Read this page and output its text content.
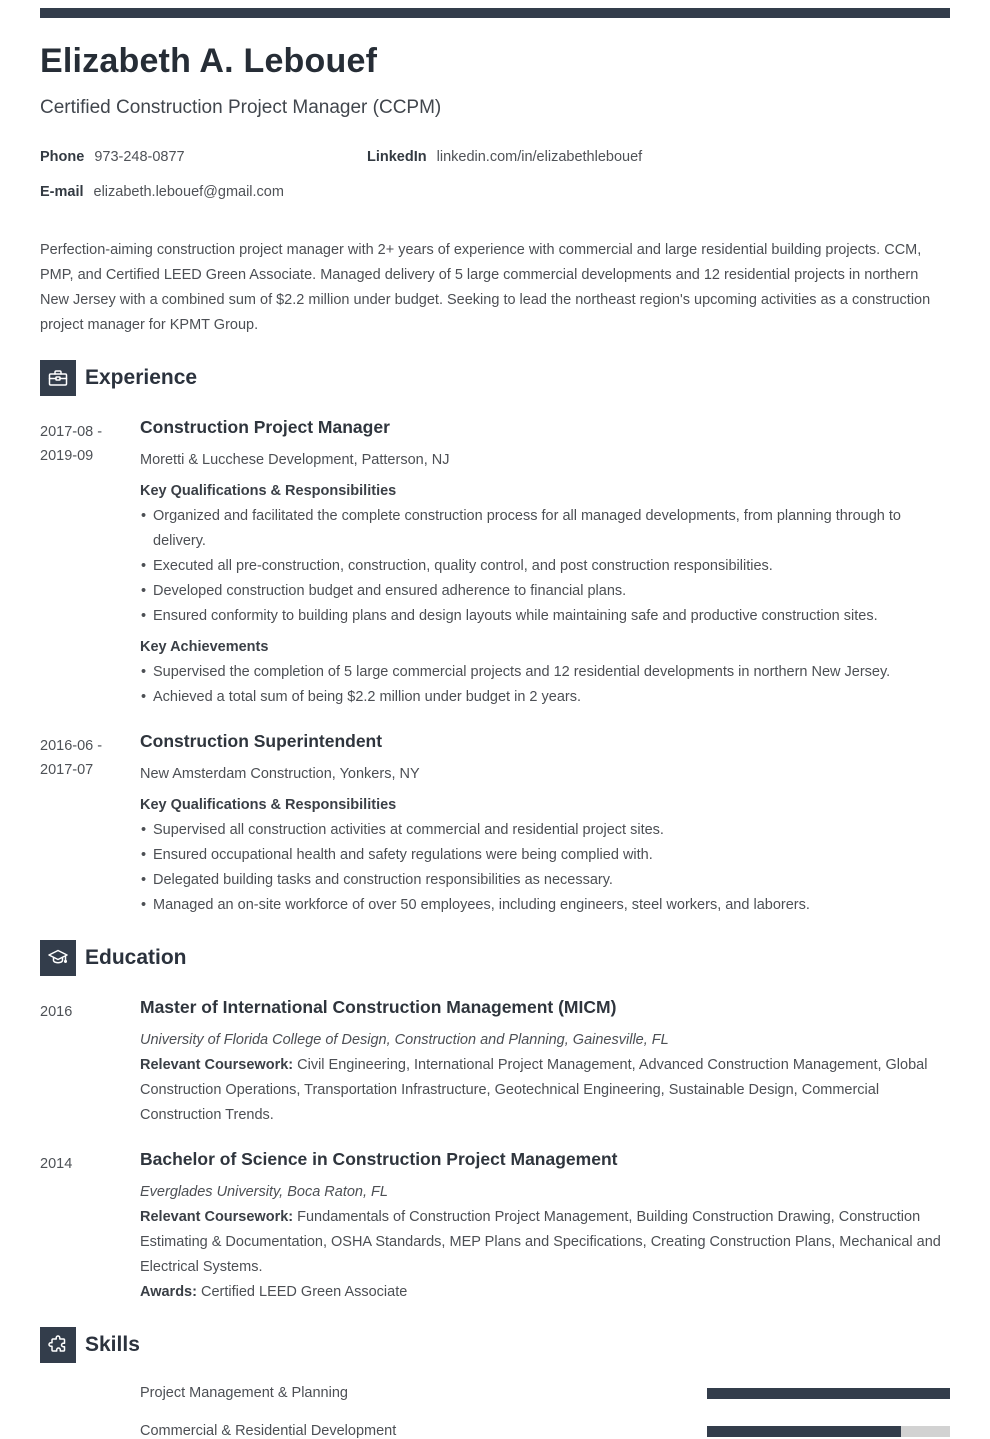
Elizabeth A. Lebouef
Certified Construction Project Manager (CCPM)
Phone 973-248-0877	LinkedIn linkedin.com/in/elizabethlebouef
E-mail elizabeth.lebouef@gmail.com

Perfection-aiming construction project manager with 2+ years of experience with commercial and large residential building projects. CCM, PMP, and Certified LEED Green Associate. Managed delivery of 5 large commercial developments and 12 residential projects in northern New Jersey with a combined sum of $2.2 million under budget. Seeking to lead the northeast region's upcoming activities as a construction project manager for KPMT Group.

Experience
2017-08 -
2019-09
Construction Project Manager
Moretti & Lucchese Development, Patterson, NJ
Key Qualifications & Responsibilities
• Organized and facilitated the complete construction process for all managed developments, from planning through to delivery.
• Executed all pre-construction, construction, quality control, and post construction responsibilities.
• Developed construction budget and ensured adherence to financial plans.
• Ensured conformity to building plans and design layouts while maintaining safe and productive construction sites.
Key Achievements
• Supervised the completion of 5 large commercial projects and 12 residential developments in northern New Jersey.
• Achieved a total sum of being $2.2 million under budget in 2 years.
2016-06 -
2017-07
Construction Superintendent
New Amsterdam Construction, Yonkers, NY
Key Qualifications & Responsibilities
• Supervised all construction activities at commercial and residential project sites.
• Ensured occupational health and safety regulations were being complied with.
• Delegated building tasks and construction responsibilities as necessary.
• Managed an on-site workforce of over 50 employees, including engineers, steel workers, and laborers.
Education
2016	Master of International Construction Management (MICM)
University of Florida College of Design, Construction and Planning, Gainesville, FL

Relevant Coursework: Civil Engineering, International Project Management, Advanced Construction Management, Global Construction Operations, Transportation Infrastructure, Geotechnical Engineering, Sustainable Design, Commercial Construction Trends.

2014	Bachelor of Science in Construction Project Management
Everglades University, Boca Raton, FL

Relevant Coursework: Fundamentals of Construction Project Management, Building Construction Drawing, Construction Estimating & Documentation, OSHA Standards, MEP Plans and Specifications, Creating Construction Plans, Mechanical and Electrical Systems.

Awards: Certified LEED Green Associate

Skills
Project Management & Planning
Commercial & Residential Development
